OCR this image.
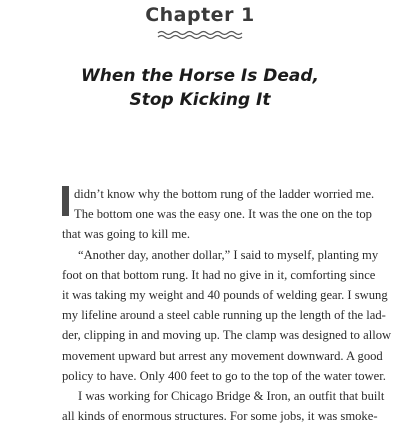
Chapter 1
When the Horse Is Dead,
Stop Kicking It
didn’t know why the bottom rung of the ladder worried me.
The bottom one was the easy one. It was the one on the top
that was going to kill me.
“Another day, another dollar,” I said to myself, planting my
foot on that bottom rung. It had no give in it, comforting since
it was taking my weight and 40 pounds of welding gear. I swung
my lifeline around a steel cable running up the length of the lad-
der, clipping in and moving up. The clamp was designed to allow
movement upward but arrest any movement downward. A good
policy to have. Only 400 feet to go to the top of the water tower.
I was working for Chicago Bridge & Iron, an outfit that built
all kinds of enormous structures. For some jobs, it was smoke-
